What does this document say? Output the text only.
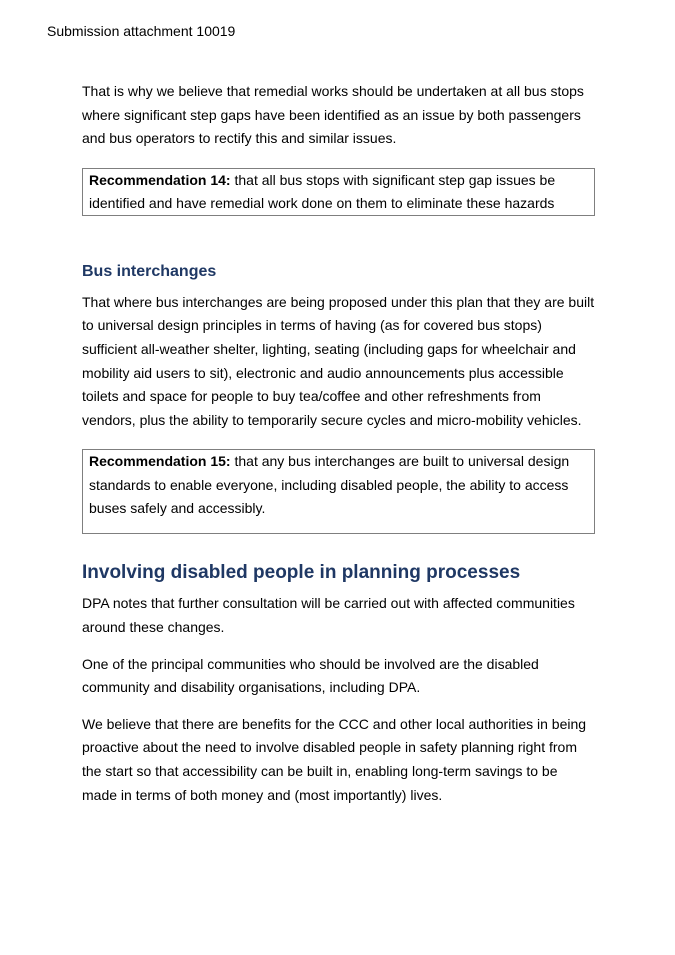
Submission attachment 10019

That is why we believe that remedial works should be undertaken at all bus stops where significant step gaps have been identified as an issue by both passengers and bus operators to rectify this and similar issues.

Recommendation 14: that all bus stops with significant step gap issues be identified and have remedial work done on them to eliminate these hazards

Bus interchanges

That where bus interchanges are being proposed under this plan that they are built to universal design principles in terms of having (as for covered bus stops) sufficient all-weather shelter, lighting, seating (including gaps for wheelchair and mobility aid users to sit), electronic and audio announcements plus accessible toilets and space for people to buy tea/coffee and other refreshments from vendors, plus the ability to temporarily secure cycles and micro-mobility vehicles.

Recommendation 15: that any bus interchanges are built to universal design standards to enable everyone, including disabled people, the ability to access buses safely and accessibly.

Involving disabled people in planning processes

DPA notes that further consultation will be carried out with affected communities around these changes.

One of the principal communities who should be involved are the disabled community and disability organisations, including DPA.

We believe that there are benefits for the CCC and other local authorities in being proactive about the need to involve disabled people in safety planning right from the start so that accessibility can be built in, enabling long-term savings to be made in terms of both money and (most importantly) lives.
